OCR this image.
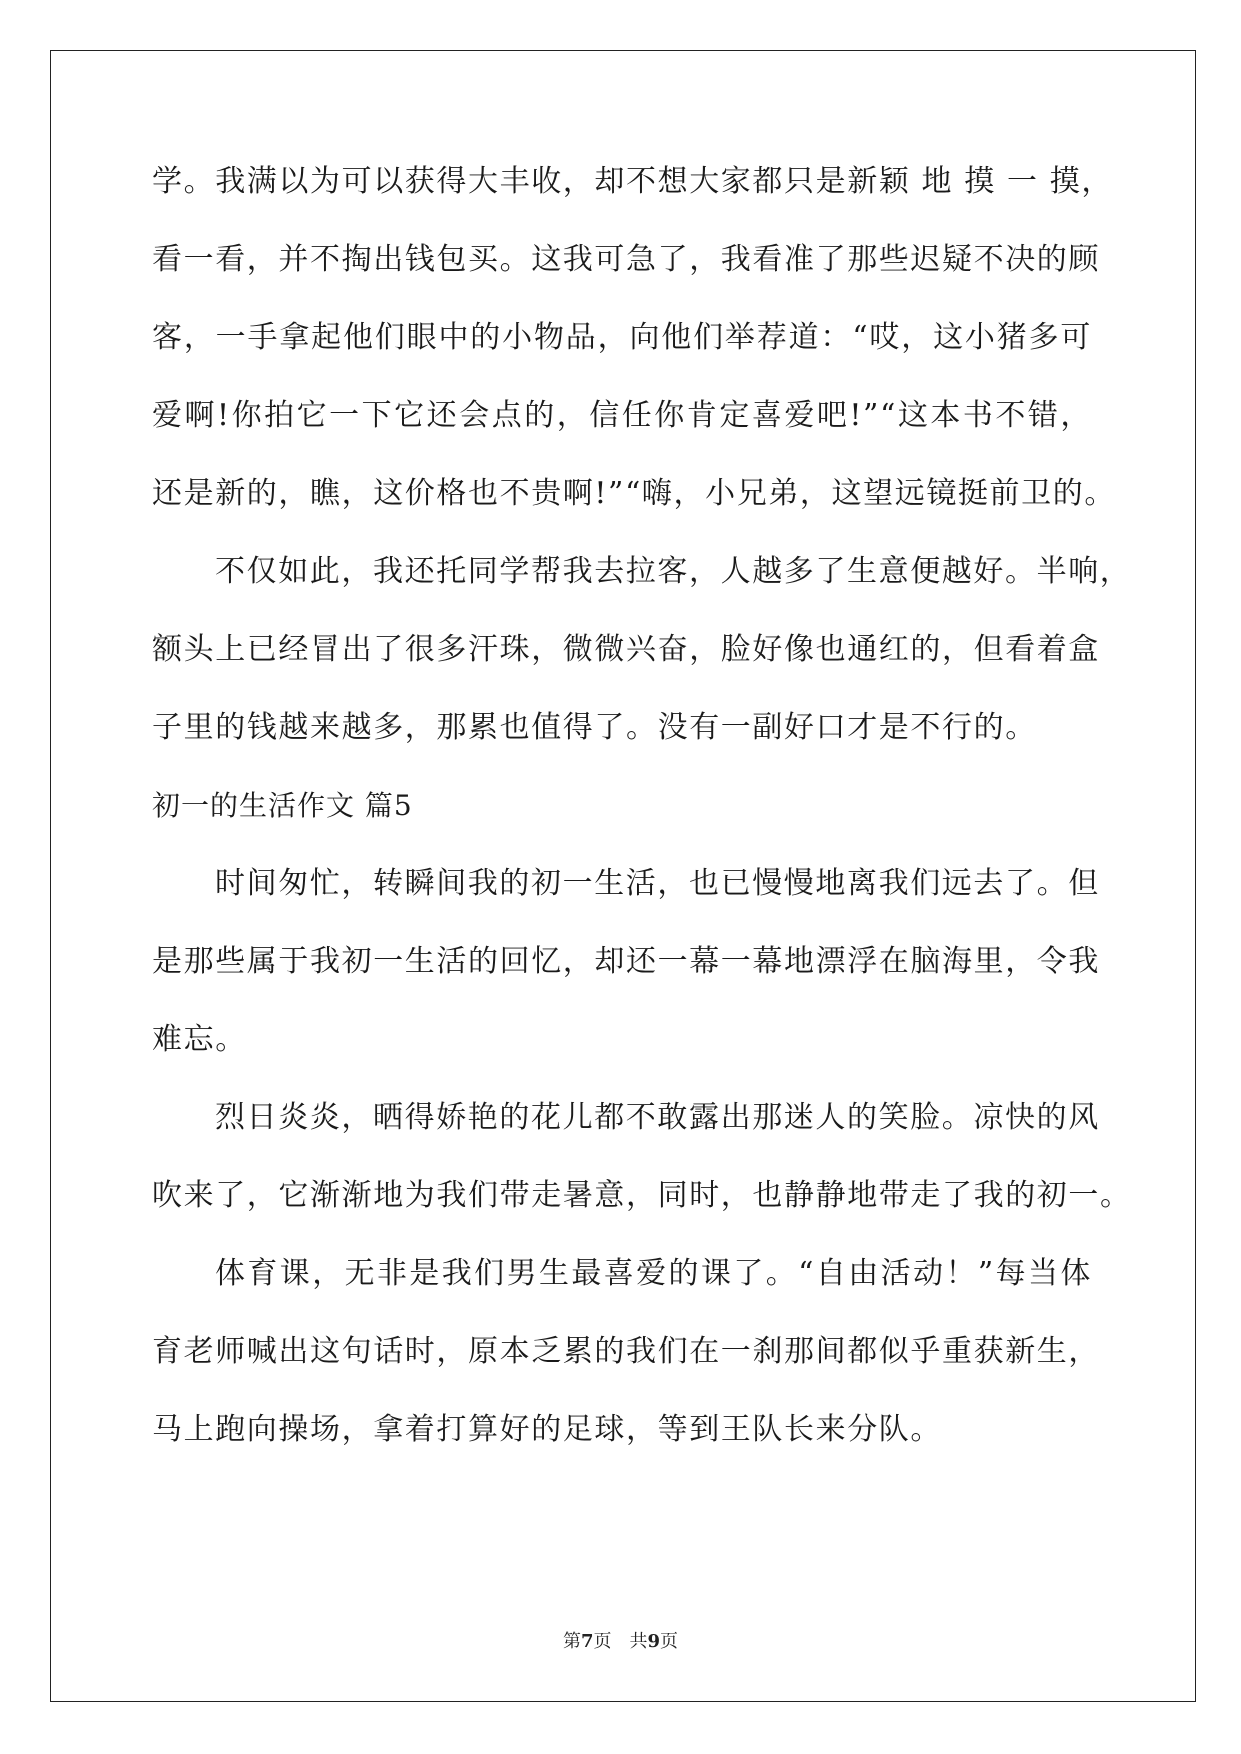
学。我满以为可以获得大丰收，却不想大家都只是新颖 地 摸 一 摸，

看一看，并不掏出钱包买。这我可急了，我看准了那些迟疑不决的顾

客，一手拿起他们眼中的小物品，向他们举荐道：“哎，这小猪多可

爱啊!你拍它一下它还会点的，信任你肯定喜爱吧!”“这本书不错，

还是新的，瞧，这价格也不贵啊!”“嗨，小兄弟，这望远镜挺前卫的。

不仅如此，我还托同学帮我去拉客，人越多了生意便越好。半响，

额头上已经冒出了很多汗珠，微微兴奋，脸好像也通红的，但看着盒

子里的钱越来越多，那累也值得了。没有一副好口才是不行的。

初一的生活作文 篇5

时间匆忙，转瞬间我的初一生活，也已慢慢地离我们远去了。但

是那些属于我初一生活的回忆，却还一幕一幕地漂浮在脑海里，令我

难忘。

烈日炎炎，晒得娇艳的花儿都不敢露出那迷人的笑脸。凉快的风

吹来了，它渐渐地为我们带走暑意，同时，也静静地带走了我的初一。

体育课，无非是我们男生最喜爱的课了。“自由活动！”每当体

育老师喊出这句话时，原本乏累的我们在一刹那间都似乎重获新生，

马上跑向操场，拿着打算好的足球，等到王队长来分队。

第7页 共9页
